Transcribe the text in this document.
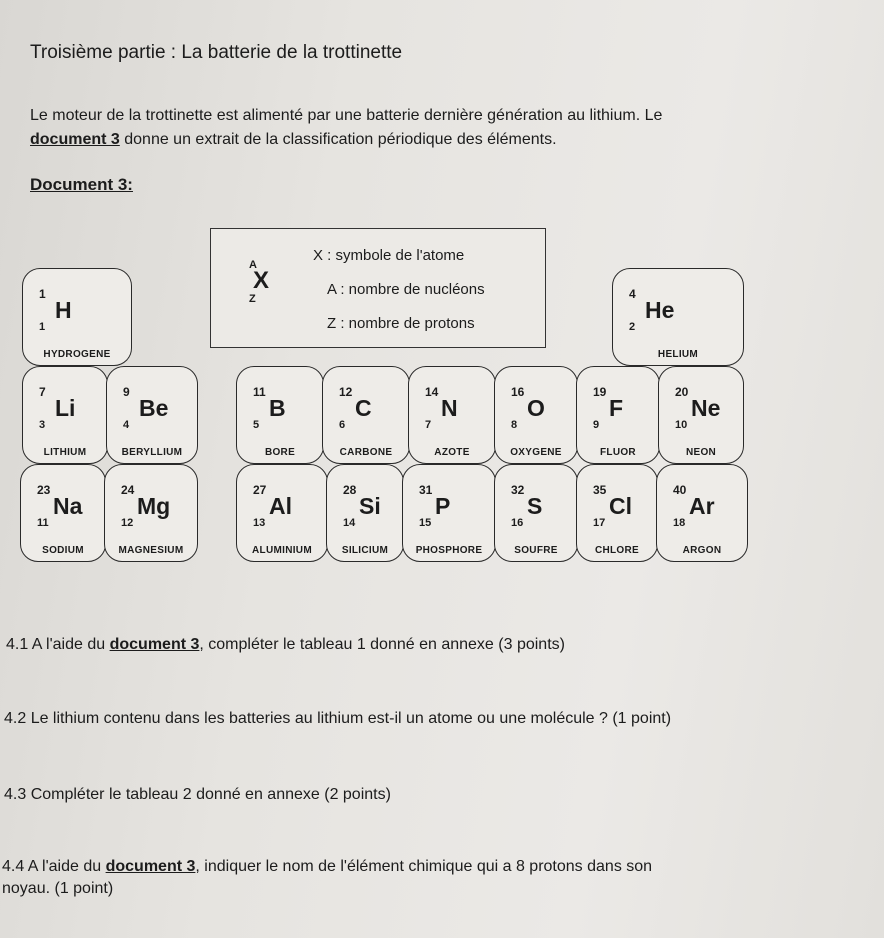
Troisième partie : La batterie de la trottinette
Le moteur de la trottinette est alimenté par une batterie dernière génération au lithium. Le
document 3 donne un extrait de la classification périodique des éléments.
Document 3:
A
X
Z
X : symbole de l'atome
A : nombre de nucléons
Z : nombre de protons
1
H
1
HYDROGENE
4
He
2
HELIUM
7
Li
3
LITHIUM
9
Be
4
BERYLLIUM
11
B
5
BORE
12
C
6
CARBONE
14
N
7
AZOTE
16
O
8
OXYGENE
19
F
9
FLUOR
20
Ne
10
NEON
23
Na
11
SODIUM
24
Mg
12
MAGNESIUM
27
Al
13
ALUMINIUM
28
Si
14
SILICIUM
31
P
15
PHOSPHORE
32
S
16
SOUFRE
35
Cl
17
CHLORE
40
Ar
18
ARGON
4.1 A l'aide du document 3, compléter le tableau 1 donné en annexe (3 points)
4.2 Le lithium contenu dans les batteries au lithium est-il un atome ou une molécule ? (1 point)
4.3 Compléter le tableau 2 donné en annexe (2 points)
4.4 A l'aide du document 3, indiquer le nom de l'élément chimique qui a 8 protons dans son
noyau. (1 point)
